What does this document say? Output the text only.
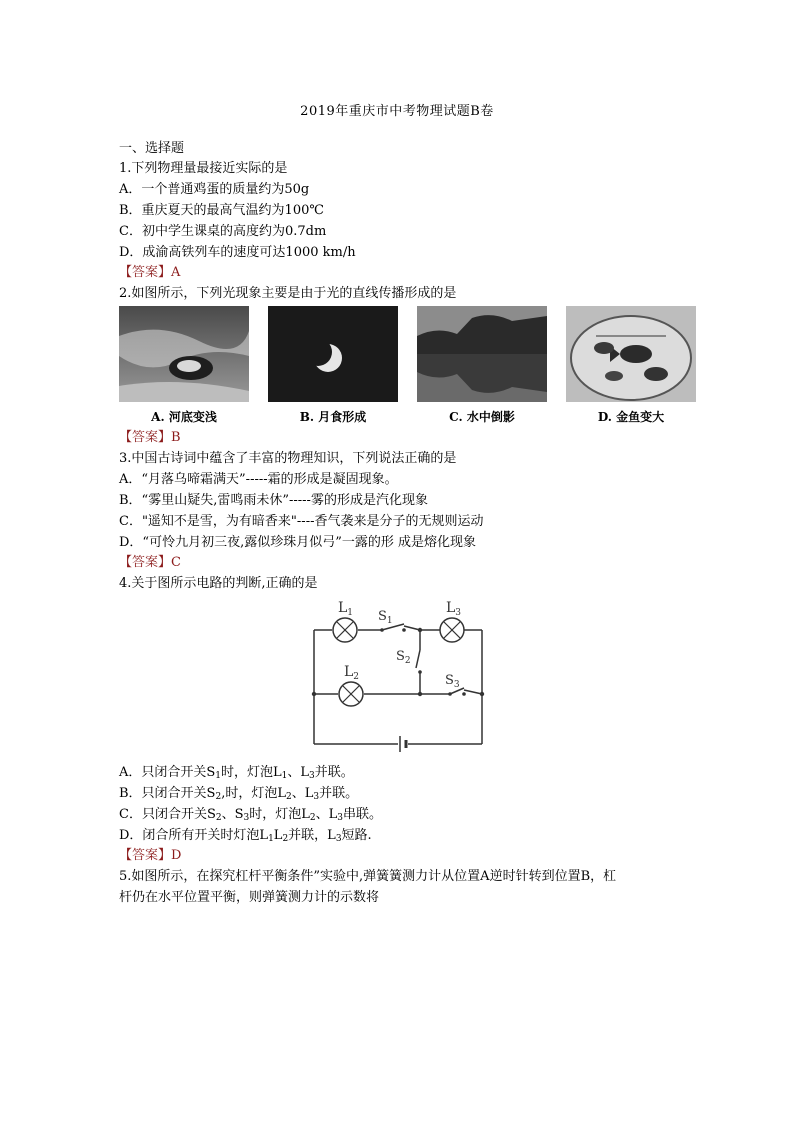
2019年重庆市中考物理试题B卷
一、选择题
1.下列物理量最接近实际的是
A．一个普通鸡蛋的质量约为50g
B．重庆夏天的最高气温约为100℃
C．初中学生课桌的高度约为0.7dm
D．成渝高铁列车的速度可达1000 km/h
【答案】A
2.如图所示，下列光现象主要是由于光的直线传播形成的是
A. 河底变浅	B. 月食形成	C. 水中倒影	D. 金鱼变大
【答案】B
3.中国古诗词中蕴含了丰富的物理知识，下列说法正确的是
A．“月落乌啼霜满天”-----霜的形成是凝固现象。
B．“雾里山疑失,雷鸣雨未休”-----雾的形成是汽化现象
C．"遥知不是雪，为有暗香来"----香气袭来是分子的无规则运动
D．“可怜九月初三夜,露似珍珠月似弓”一露的形 成是熔化现象
【答案】C
4.关于图所示电路的判断,正确的是
$L_1$	$L_3$
$L_2$
$S_1$
$S_2$
$S_3$
A．只闭合开关$S_1$时，灯泡$L_1$、$L_3$并联。
B．只闭合开关$S_2$,时，灯泡$L_2$、$L_3$并联。
C．只闭合开关$S_2$、$S_3$时，灯泡$L_2$、$L_3$串联。
D．闭合所有开关时灯泡$L_1L_2$并联，$L_3$短路.
【答案】D
5.如图所示，在探究杠杆平衡条件”实验中,弹簧簧测力计从位置A逆时针转到位置B，杠
杆仍在水平位置平衡，则弹簧测力计的示数将
